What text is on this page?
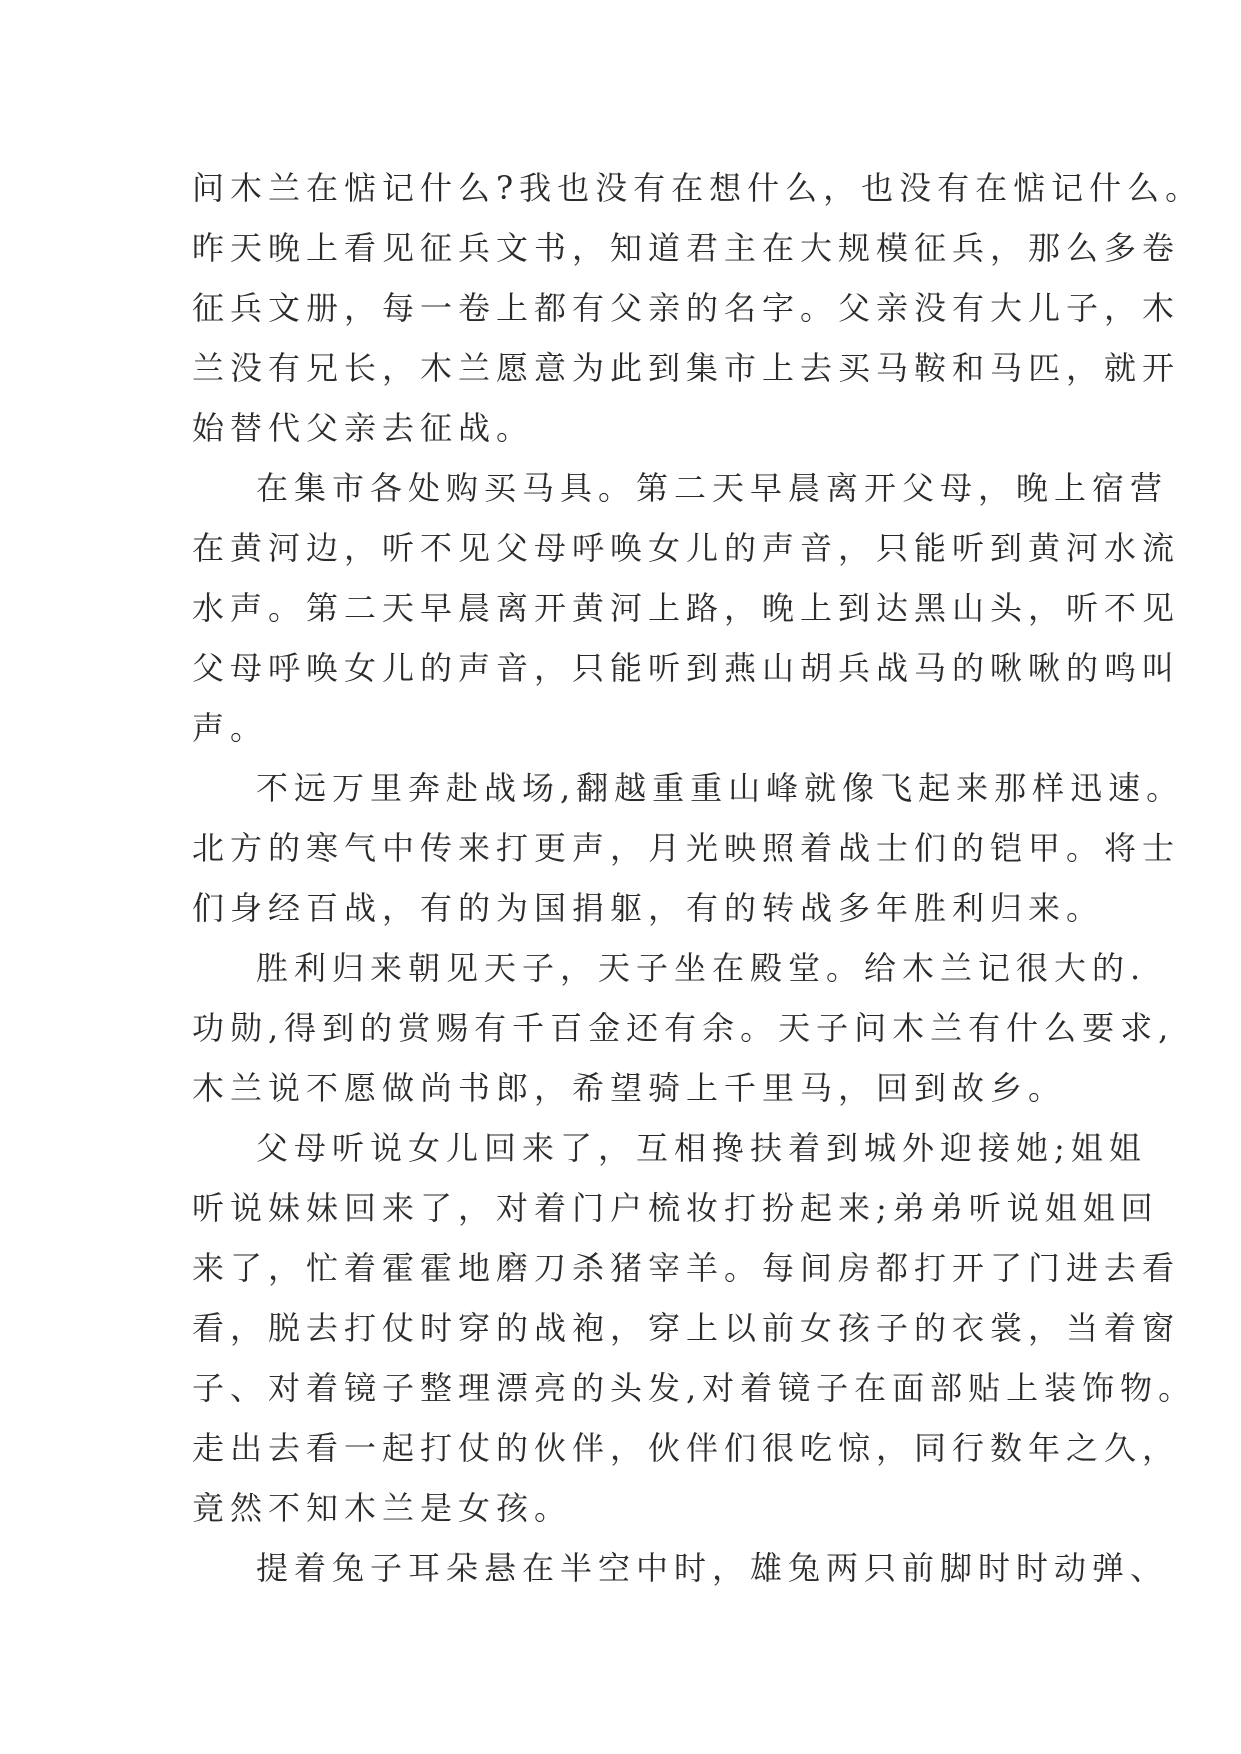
问木兰在惦记什么?我也没有在想什么，也没有在惦记什么。
昨天晚上看见征兵文书，知道君主在大规模征兵，那么多卷
征兵文册，每一卷上都有父亲的名字。父亲没有大儿子，木
兰没有兄长，木兰愿意为此到集市上去买马鞍和马匹，就开
始替代父亲去征战。

在集市各处购买马具。第二天早晨离开父母，晚上宿营
在黄河边，听不见父母呼唤女儿的声音，只能听到黄河水流
水声。第二天早晨离开黄河上路，晚上到达黑山头，听不见
父母呼唤女儿的声音，只能听到燕山胡兵战马的啾啾的鸣叫
声。

不远万里奔赴战场,翻越重重山峰就像飞起来那样迅速。
北方的寒气中传来打更声，月光映照着战士们的铠甲。将士
们身经百战，有的为国捐躯，有的转战多年胜利归来。

胜利归来朝见天子，天子坐在殿堂。给木兰记很大的.
功勋,得到的赏赐有千百金还有余。天子问木兰有什么要求,
木兰说不愿做尚书郎，希望骑上千里马，回到故乡。

父母听说女儿回来了，互相搀扶着到城外迎接她;姐姐
听说妹妹回来了，对着门户梳妆打扮起来;弟弟听说姐姐回
来了，忙着霍霍地磨刀杀猪宰羊。每间房都打开了门进去看
看，脱去打仗时穿的战袍，穿上以前女孩子的衣裳，当着窗
子、对着镜子整理漂亮的头发,对着镜子在面部贴上装饰物。
走出去看一起打仗的伙伴，伙伴们很吃惊，同行数年之久，
竟然不知木兰是女孩。

提着兔子耳朵悬在半空中时，雄兔两只前脚时时动弹、
